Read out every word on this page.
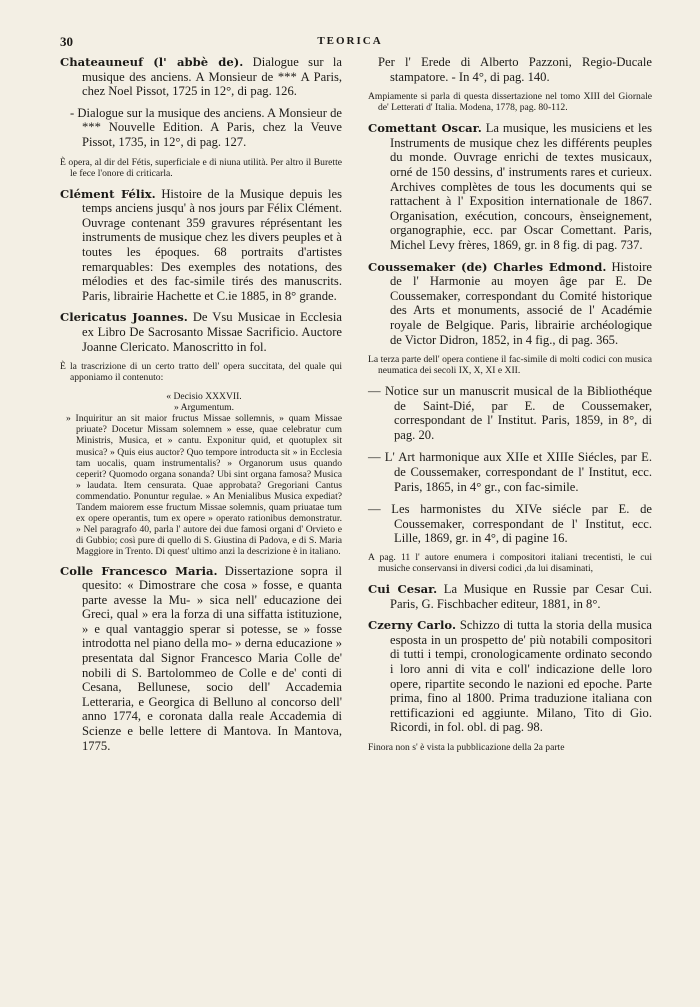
30	TEORICA
Chateauneuf (l' abbè de). Dialogue sur la musique des anciens. A Monsieur de *** A Paris, chez Noel Pissot, 1725 in 12°, di pag. 126.
- Dialogue sur la musique des anciens. A Monsieur de *** Nouvelle Edition. A Paris, chez la Veuve Pissot, 1735, in 12°, di pag. 127.
È opera, al dir del Fétis, superficiale e di niuna utilità. Per altro il Burette le fece l'onore di criticarla.
Clément Félix. Histoire de la Musique depuis les temps anciens jusqu' à nos jours par Félix Clément. Ouvrage contenant 359 gravures réprésentant les instruments de musique chez les divers peuples et à toutes les époques. 68 portraits d'artistes remarquables: Des exemples des notations, des mélodies et des fac-simile tirés des manuscrits. Paris, librairie Hachette et C.ie 1885, in 8° grande.
Clericatus Joannes. De Vsu Musicae in Ecclesia ex Libro De Sacrosanto Missae Sacrificio. Auctore Joanne Clericato. Manoscritto in fol.
È la trascrizione di un certo tratto dell' opera succitata, del quale qui apponiamo il contenuto:
« Decisio XXXVII.
» Argumentum.
» Inquiritur an sit maior fructus Missae sollemnis, » quam Missae priuate? Docetur Missam solemnem » esse, quae celebratur cum Ministris, Musica, et » cantu. Exponitur quid, et quotuplex sit musica? » Quis eius auctor? Quo tempore introducta sit » in Ecclesia tam uocalis, quam instrumentalis? » Organorum usus quando ceperit? Quomodo organa sonanda? Ubi sint organa famosa? Musica » laudata. Item censurata. Quae approbata? Gregoriani Cantus commendatio. Ponuntur regulae. » An Menialibus Musica expediat? Tandem maiorem esse fructum Missae solemnis, quam priuatae tum ex opere operantis, tum ex opere » operato rationibus demonstratur. » Nel paragrafo 40, parla l' autore dei due famosi organi d' Orvieto e di Gubbio; così pure di quello di S. Giustina di Padova, e di S. Maria Maggiore in Trento. Di quest' ultimo anzi la descrizione è in italiano.
Colle Francesco Maria. Dissertazione sopra il quesito: « Dimostrare che cosa » fosse, e quanta parte avesse la Mu- » sica nell' educazione dei Greci, qual » era la forza di una siffatta istituzione, » e qual vantaggio sperar si potesse, se » fosse introdotta nel piano della mo- » derna educazione » presentata dal Signor Francesco Maria Colle de' nobili di S. Bartolommeo de Colle e de' conti di Cesana, Bellunese, socio dell' Accademia Letteraria, e Georgica di Belluno al concorso dell' anno 1774, e coronata dalla reale Accademia di Scienze e belle lettere di Mantova. In Mantova, 1775.
Per l' Erede di Alberto Pazzoni, Regio-Ducale stampatore. - In 4°, di pag. 140.
Ampiamente si parla di questa dissertazione nel tomo XIII del Giornale de' Letterati d' Italia. Modena, 1778, pag. 80-112.
Comettant Oscar. La musique, les musiciens et les Instruments de musique chez les différents peuples du monde. Ouvrage enrichi de textes musicaux, orné de 150 dessins, d' instruments rares et curieux. Archives complètes de tous les documents qui se rattachent à l' Exposition internationale de 1867. Organisation, exécution, concours, ènseignement, organographie, ecc. par Oscar Comettant. Paris, Michel Levy frères, 1869, gr. in 8 fig. di pag. 737.
Coussemaker (de) Charles Edmond. Histoire de l' Harmonie au moyen âge par E. De Coussemaker, correspondant du Comité historique des Arts et monuments, associé de l' Académie royale de Belgique. Paris, librairie archéologique de Victor Didron, 1852, in 4 fig., di pag. 365.
La terza parte dell' opera contiene il fac-simile di molti codici con musica neumatica dei secoli IX, X, XI e XII.
— Notice sur un manuscrit musical de la Bibliothéque de Saint-Dié, par E. de Coussemaker, correspondant de l' Institut. Paris, 1859, in 8°, di pag. 20.
— L' Art harmonique aux XIIe et XIIIe Siécles, par E. de Coussemaker, correspondant de l' Institut, ecc. Paris, 1865, in 4° gr., con fac-simile.
— Les harmonistes du XIVe siécle par E. de Coussemaker, correspondant de l' Institut, ecc. Lille, 1869, gr. in 4°, di pagine 16.
A pag. 11 l' autore enumera i compositori italiani trecentisti, le cui musiche conservansi in diversi codici ,da lui disaminati,
Cui Cesar. La Musique en Russie par Cesar Cui. Paris, G. Fischbacher editeur, 1881, in 8°.
Czerny Carlo. Schizzo di tutta la storia della musica esposta in un prospetto de' più notabili compositori di tutti i tempi, cronologicamente ordinato secondo i loro anni di vita e coll' indicazione delle loro opere, ripartite secondo le nazioni ed epoche. Parte prima, fino al 1800. Prima traduzione italiana con rettificazioni ed aggiunte. Milano, Tito di Gio. Ricordi, in fol. obl. di pag. 98.
Finora non s' è vista la pubblicazione della 2a parte
